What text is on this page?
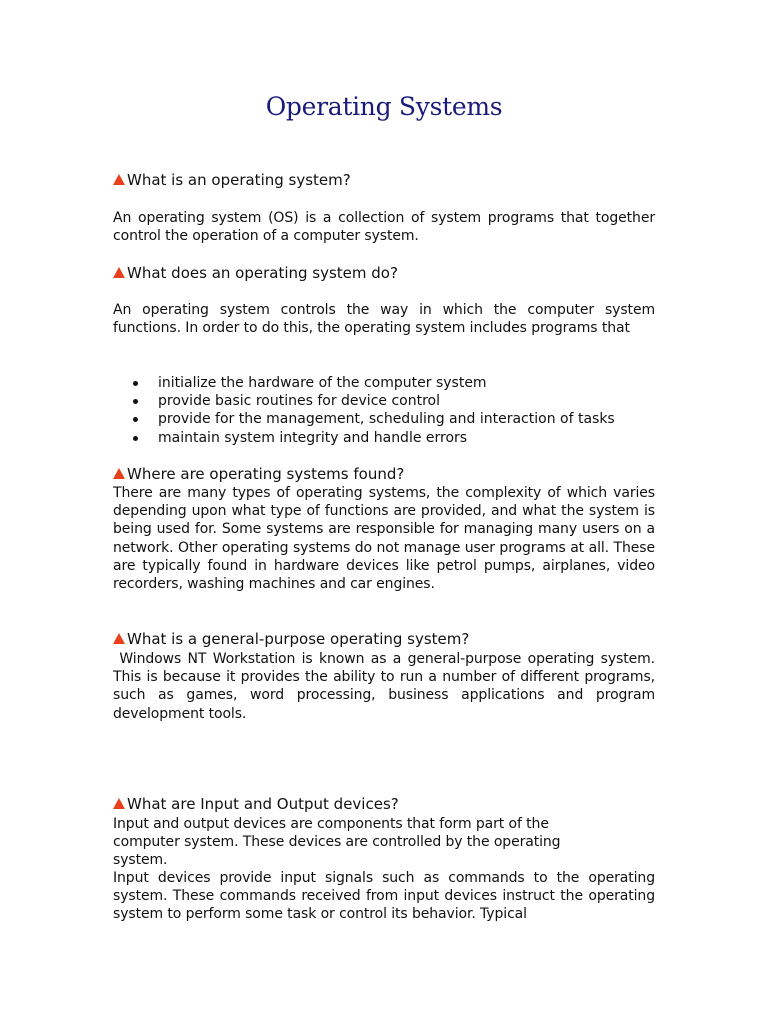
Operating Systems
What is an operating system?

An operating system (OS) is a collection of system programs that together control the operation of a computer system.

What does an operating system do?

An operating system controls the way in which the computer system functions. In order to do this, the operating system includes programs that

initialize the hardware of the computer system
provide basic routines for device control
provide for the management, scheduling and interaction of tasks
maintain system integrity and handle errors
Where are operating systems found?

There are many types of operating systems, the complexity of which varies depending upon what type of functions are provided, and what the system is being used for. Some systems are responsible for managing many users on a network. Other operating systems do not manage user programs at all. These are typically found in hardware devices like petrol pumps, airplanes, video recorders, washing machines and car engines.

What is a general-purpose operating system?

Windows NT Workstation is known as a general-purpose operating system. This is because it provides the ability to run a number of different programs, such as games, word processing, business applications and program development tools.

What are Input and Output devices?

Input and output devices are components that form part of the computer system. These devices are controlled by the operating system.

Input devices provide input signals such as commands to the operating system. These commands received from input devices instruct the operating system to perform some task or control its behavior. Typical
